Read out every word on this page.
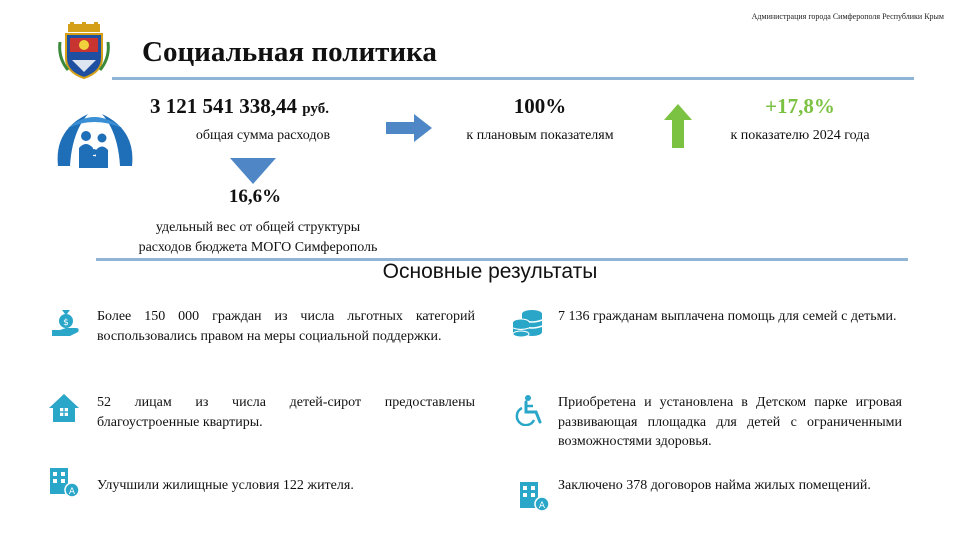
Администрация города Симферополя Республики Крым
Социальная политика
3 121 541 338,44 руб.
общая сумма расходов
100%
к плановым показателям
+17,8%
к показателю 2024 года
16,6%
удельный вес от общей структуры
расходов бюджета МОГО Симферополь
Основные результаты
$ Более 150 000 граждан из числа льготных категорий воспользовались правом на меры социальной поддержки.
52 лицам из числа детей-сирот предоставлены благоустроенные квартиры.
A Улучшили жилищные условия 122 жителя.
7 136 гражданам выплачена помощь для семей с детьми.
Приобретена и установлена в Детском парке игровая развивающая площадка для детей с ограниченными возможностями здоровья.
A
Заключено 378 договоров найма жилых помещений.
